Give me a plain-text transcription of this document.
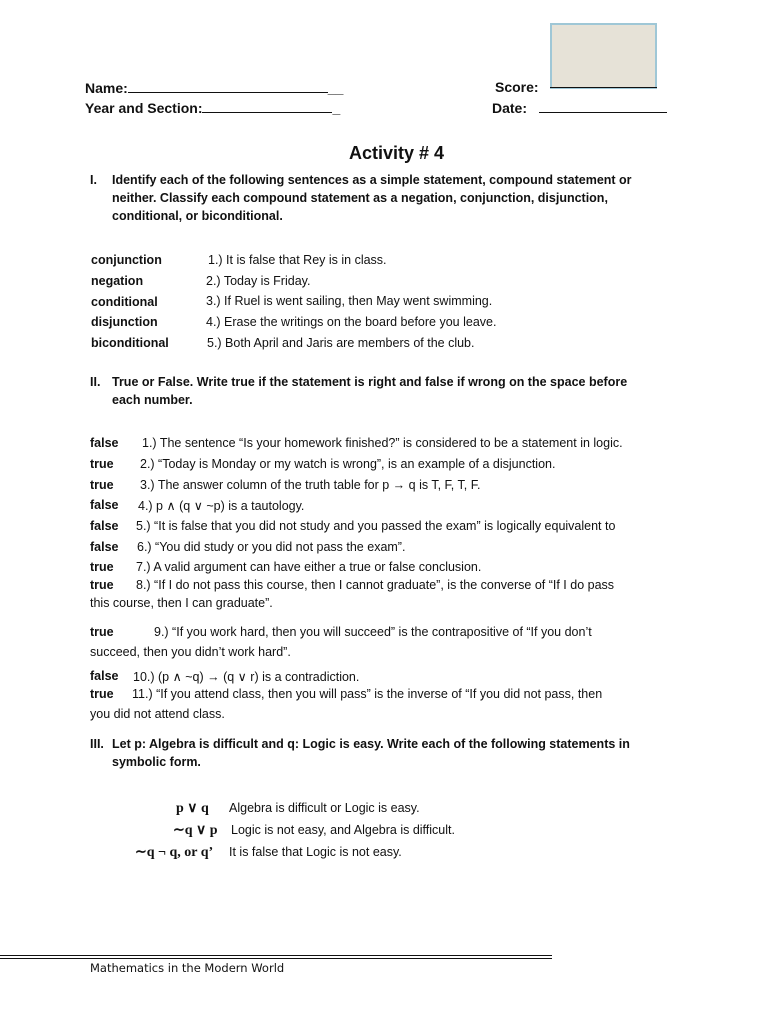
Name:	__
Year and Section:	_
Score:
Date:
Activity # 4
I. Identify each of the following sentences as a simple statement, compound statement or neither. Classify each compound statement as a negation, conjunction, disjunction, conditional, or biconditional.
conjunction	1.) It is false that Rey is in class.
negation	2.) Today is Friday.
conditional	3.) If Ruel is went sailing, then May went swimming.
disjunction	4.) Erase the writings on the board before you leave.
biconditional	5.) Both April and Jaris are members of the club.
II. True or False. Write true if the statement is right and false if wrong on the space before each number.
false 1.) The sentence “Is your homework finished?” is considered to be a statement in logic.
true 2.) “Today is Monday or my watch is wrong”, is an example of a disjunction.
true 3.) The answer column of the truth table for p → q is T, F, T, F.
false 4.) p ∧ (q ∨ ~p) is a tautology.
false 5.) “It is false that you did not study and you passed the exam” is logically equivalent to
false 6.) “You did study or you did not pass the exam”.
true 7.) A valid argument can have either a true or false conclusion.
true 8.) “If I do not pass this course, then I cannot graduate”, is the converse of “If I do pass
this course, then I can graduate”.
true	9.) “If you work hard, then you will succeed” is the contrapositive of “If you don’t
succeed, then you didn’t work hard”.
false 10.) (p ∧ ~q) → (q ∨ r) is a contradiction.
true 11.) “If you attend class, then you will pass” is the inverse of “If you did not pass, then
you did not attend class.
III. Let p: Algebra is difficult and q: Logic is easy. Write each of the following statements in symbolic form.
p ∨ q Algebra is difficult or Logic is easy.
∼q ∨ p Logic is not easy, and Algebra is difficult.
∼q ¬ q, or q’ It is false that Logic is not easy.
Mathematics in the Modern World
